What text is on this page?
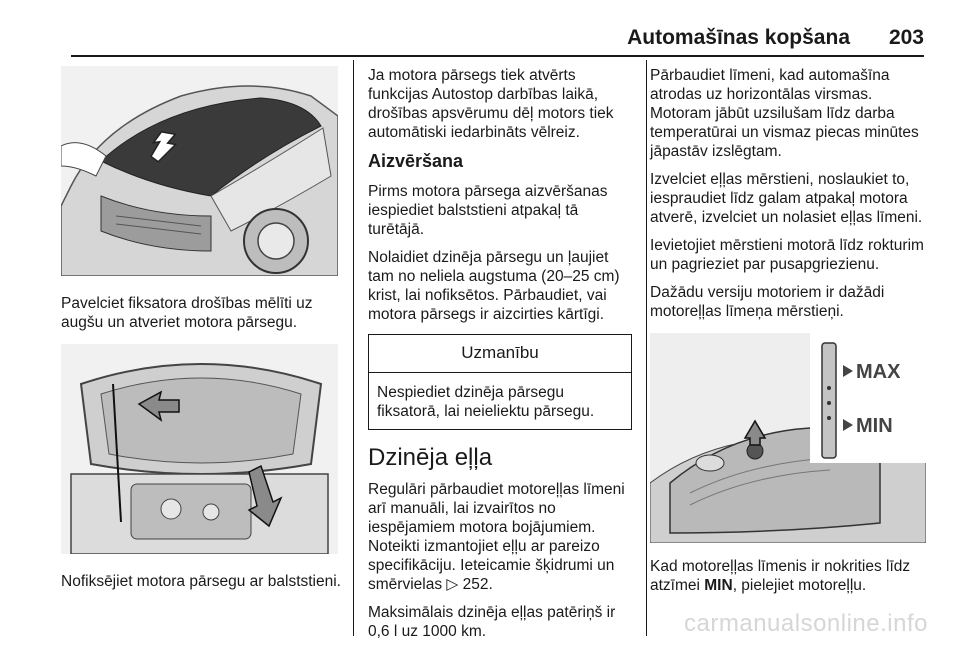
Automašīnas kopšana 203

Pavelciet fiksatora drošības mēlīti uz augšu un atveriet motora pārsegu.

Nofiksējiet motora pārsegu ar balststieni.

Ja motora pārsegs tiek atvērts funkcijas Autostop darbības laikā, drošības apsvērumu dēļ motors tiek automātiski iedarbināts vēlreiz.

Aizvēršana

Pirms motora pārsega aizvēršanas iespiediet balststieni atpakaļ tā turētājā.

Nolaidiet dzinēja pārsegu un ļaujiet tam no neliela augstuma (20–25 cm) krist, lai nofiksētos. Pārbaudiet, vai motora pārsegs ir aizcirties kārtīgi.

Uzmanību
Nespiediet dzinēja pārsegu fiksatorā, lai neieliektu pārsegu.
Dzinēja eļļa

Regulāri pārbaudiet motoreļļas līmeni arī manuāli, lai izvairītos no iespējamiem motora bojājumiem. Noteikti izmantojiet eļļu ar pareizo specifikāciju. Ieteicamie šķidrumi un smērvielas ▷ 252.

Maksimālais dzinēja eļļas patēriņš ir 0,6 l uz 1000 km.

Pārbaudiet līmeni, kad automašīna atrodas uz horizontālas virsmas. Motoram jābūt uzsilušam līdz darba temperatūrai un vismaz piecas minūtes jāpastāv izslēgtam.

Izvelciet eļļas mērstieni, noslaukiet to, iespraudiet līdz galam atpakaļ motora atverē, izvelciet un nolasiet eļļas līmeni.

Ievietojiet mērstieni motorā līdz rokturim un pagrieziet par pusapgriezienu.

Dažādu versiju motoriem ir dažādi motoreļļas līmeņa mērstieņi.

MAX
MIN

Kad motoreļļas līmenis ir nokrities līdz atzīmei MIN, pielejiet motoreļļu.

carmanualsonline.info
